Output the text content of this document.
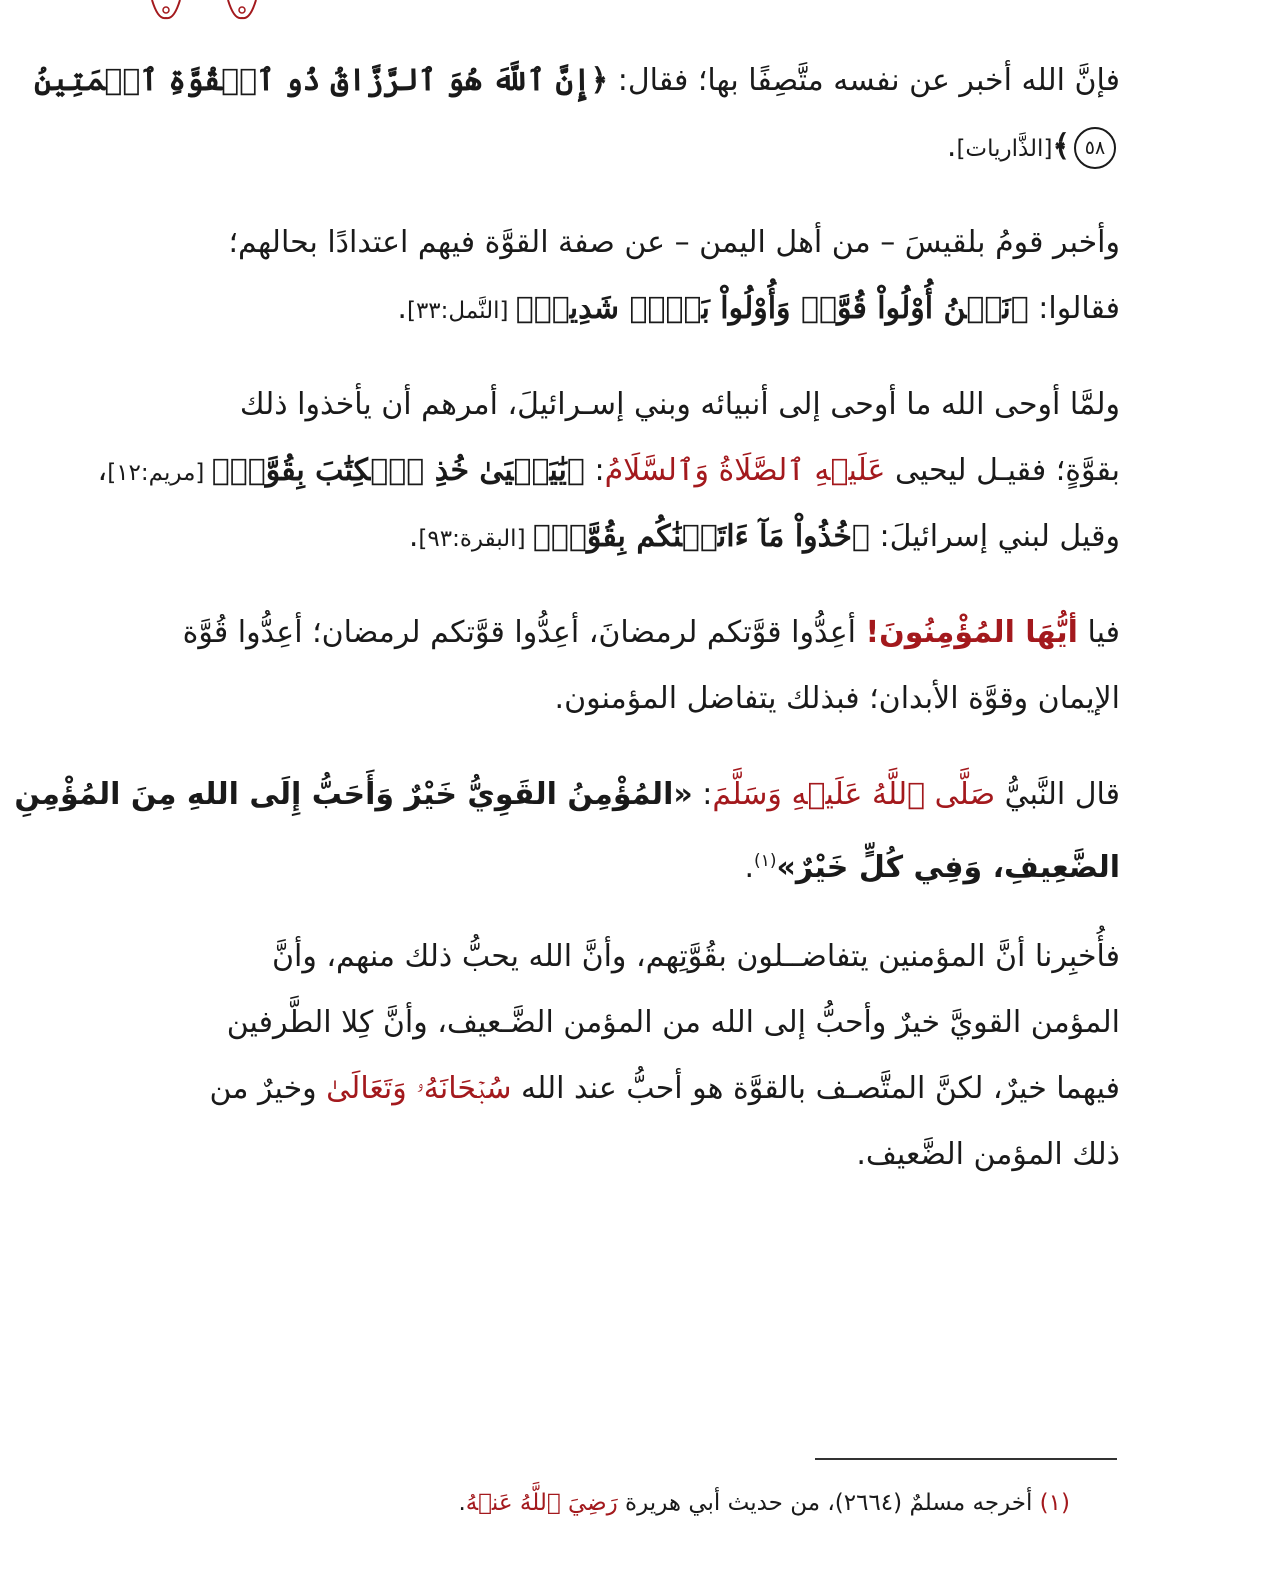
فإنَّ الله أخبر عن نفسه متَّصِفًا بها؛ فقال: ﴿إِنَّ ٱللَّهَ هُوَ ٱلرَّزَّاقُ ذُو ٱلۡقُوَّةِ ٱلۡمَتِينُ
٥٨﴾[الذَّاريات].
وأخبر قومُ بلقيسَ – من أهل اليمن – عن صفة القوَّة فيهم اعتدادًا بحالهم؛
فقالوا: ﴿نَحۡنُ أُوْلُواْ قُوَّةٖ وَأُوْلُواْ بَأۡسٖ شَدِيدٖ﴾ [النَّمل:٣٣].
ولمَّا أوحى الله ما أوحى إلى أنبيائه وبني إسـرائيلَ، أمرهم أن يأخذوا ذلك
بقوَّةٍ؛ فقيـل ليحيى عَلَيۡهِ ٱلصَّلَاةُ وَٱلسَّلَامُ: ﴿يَٰيَحۡيَىٰ خُذِ ٱلۡكِتَٰبَ بِقُوَّةٖ﴾ [مريم:١٢]،
وقيل لبني إسرائيلَ: ﴿خُذُواْ مَآ ءَاتَيۡنَٰكُم بِقُوَّةٖ﴾ [البقرة:٩٣].
فيا أيُّهَا المُؤْمِنُونَ! أعِدُّوا قوَّتكم لرمضانَ، أعِدُّوا قوَّتكم لرمضان؛ أعِدُّوا قُوَّة
الإيمان وقوَّة الأبدان؛ فبذلك يتفاضل المؤمنون.
قال النَّبيُّ صَلَّى ٱللَّهُ عَلَيۡهِ وَسَلَّمَ: «المُؤْمِنُ القَوِيُّ خَيْرٌ وَأَحَبُّ إِلَى اللهِ مِنَ المُؤْمِنِ
الضَّعِيفِ، وَفِي كُلٍّ خَيْرٌ»$^{(١)}$.
فأُخبِرنا أنَّ المؤمنين يتفاضــلون بقُوَّتِهم، وأنَّ الله يحبُّ ذلك منهم، وأنَّ
المؤمن القويَّ خيرٌ وأحبُّ إلى الله من المؤمن الضَّـعيف، وأنَّ كِلا الطَّرفين
فيهما خيرٌ، لكنَّ المتَّصـف بالقوَّة هو أحبُّ عند الله سُبۡحَانَهُۥ وَتَعَالَىٰ وخيرٌ من
ذلك المؤمن الضَّعيف.
(١) أخرجه مسلمٌ (٢٦٦٤)، من حديث أبي هريرة رَضِيَ ٱللَّهُ عَنۡهُ.
